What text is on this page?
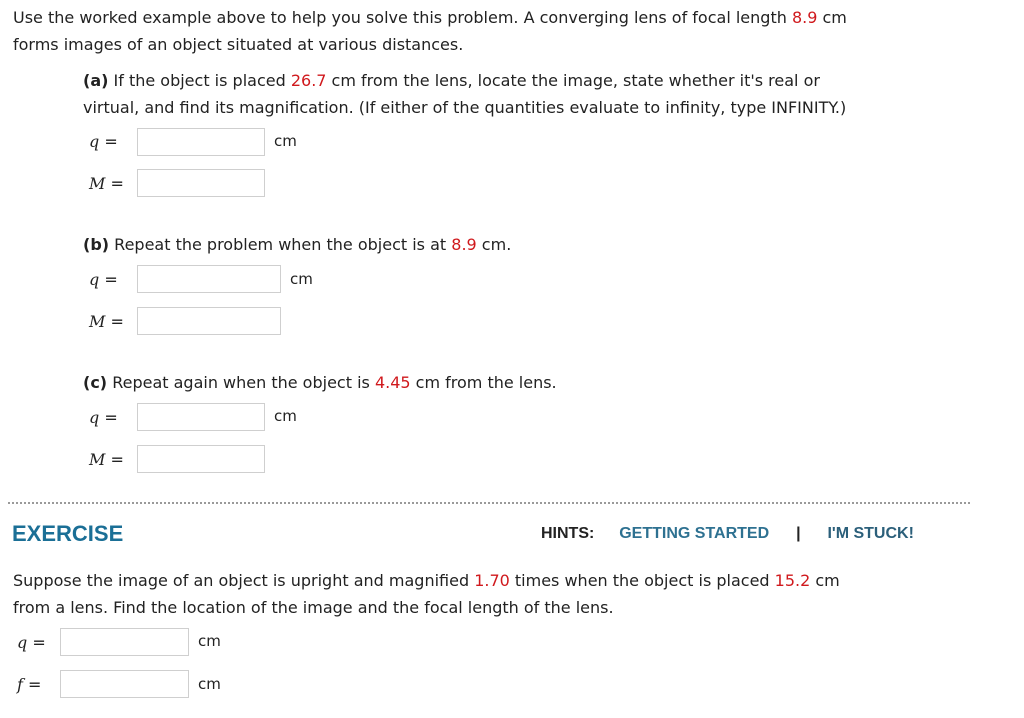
Use the worked example above to help you solve this problem. A converging lens of focal length 8.9 cm
forms images of an object situated at various distances.
(a) If the object is placed 26.7 cm from the lens, locate the image, state whether it's real or
virtual, and find its magnification. (If either of the quantities evaluate to infinity, type INFINITY.)
q =	cm
M =
(b) Repeat the problem when the object is at 8.9 cm.
q =	cm
M =
(c) Repeat again when the object is 4.45 cm from the lens.
q =	cm
M =
EXERCISE	HINTS: GETTING STARTED | I'M STUCK!
Suppose the image of an object is upright and magnified 1.70 times when the object is placed 15.2 cm
from a lens. Find the location of the image and the focal length of the lens.
q =	cm
f =	cm
